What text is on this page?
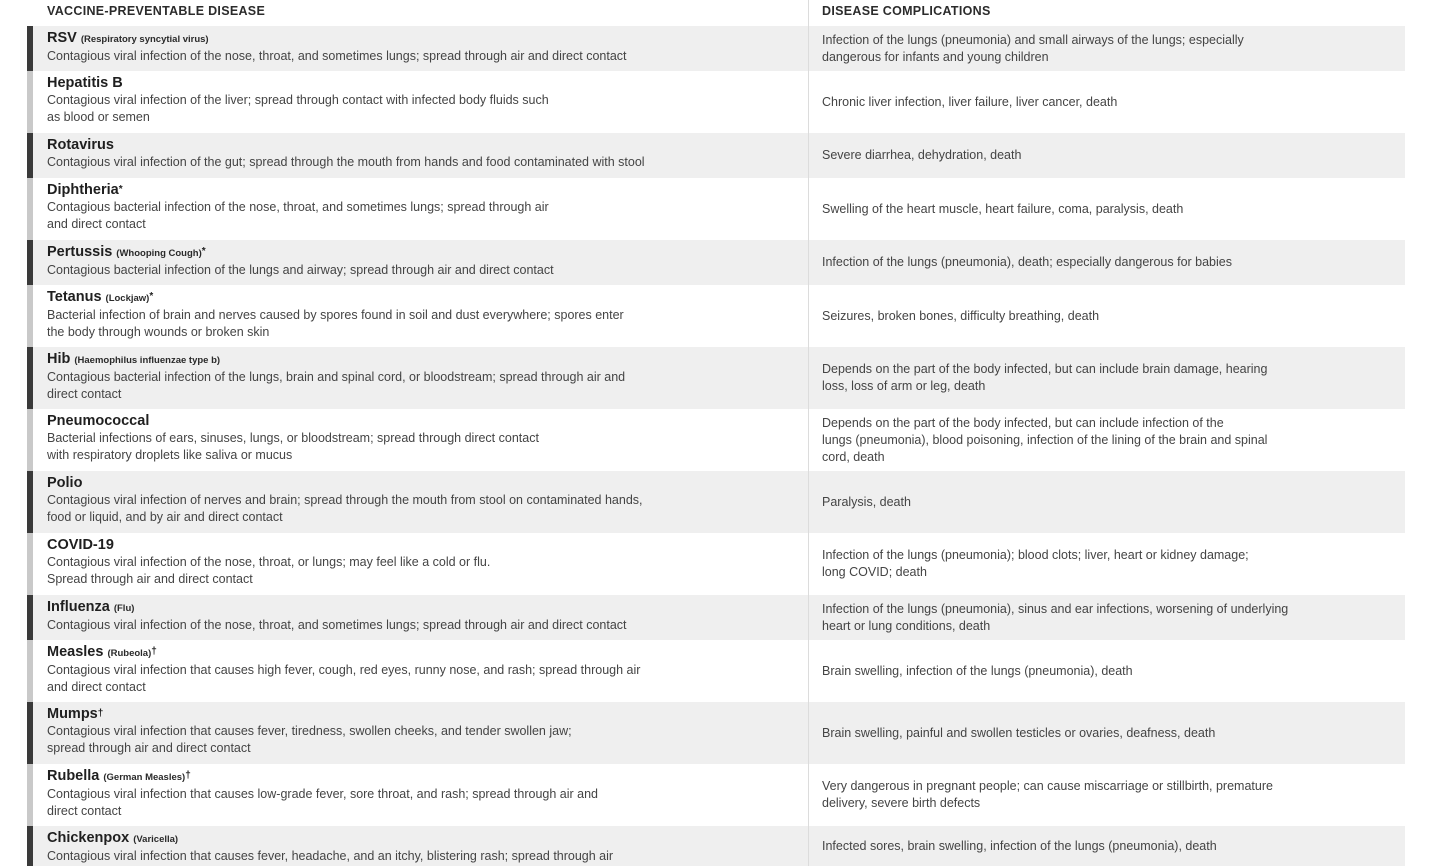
VACCINE-PREVENTABLE DISEASE	DISEASE COMPLICATIONS
RSV (Respiratory syncytial virus)
Contagious viral infection of the nose, throat, and sometimes lungs; spread through air and direct contact
Infection of the lungs (pneumonia) and small airways of the lungs; especially
dangerous for infants and young children
Hepatitis B
Contagious viral infection of the liver; spread through contact with infected body fluids such
as blood or semen
Chronic liver infection, liver failure, liver cancer, death
Rotavirus
Contagious viral infection of the gut; spread through the mouth from hands and food contaminated with stool	Severe diarrhea, dehydration, death
Diphtheria*
Contagious bacterial infection of the nose, throat, and sometimes lungs; spread through air
and direct contact
Swelling of the heart muscle, heart failure, coma, paralysis, death
Pertussis (Whooping Cough)*
Contagious bacterial infection of the lungs and airway; spread through air and direct contact
Infection of the lungs (pneumonia), death; especially dangerous for babies
Tetanus (Lockjaw)*
Bacterial infection of brain and nerves caused by spores found in soil and dust everywhere; spores enter
the body through wounds or broken skin
Seizures, broken bones, difficulty breathing, death
Hib (Haemophilus influenzae type b)
Contagious bacterial infection of the lungs, brain and spinal cord, or bloodstream; spread through air and
direct contact
Depends on the part of the body infected, but can include brain damage, hearing
loss, loss of arm or leg, death
Pneumococcal
Bacterial infections of ears, sinuses, lungs, or bloodstream; spread through direct contact
with respiratory droplets like saliva or mucus
Depends on the part of the body infected, but can include infection of the
lungs (pneumonia), blood poisoning, infection of the lining of the brain and spinal
cord, death
Polio
Contagious viral infection of nerves and brain; spread through the mouth from stool on contaminated hands,
food or liquid, and by air and direct contact
Paralysis, death
COVID-19
Contagious viral infection of the nose, throat, or lungs; may feel like a cold or flu.
Spread through air and direct contact
Infection of the lungs (pneumonia); blood clots; liver, heart or kidney damage;
long COVID; death
Influenza (Flu)
Contagious viral infection of the nose, throat, and sometimes lungs; spread through air and direct contact
Infection of the lungs (pneumonia), sinus and ear infections, worsening of underlying
heart or lung conditions, death
Measles (Rubeola)†
Contagious viral infection that causes high fever, cough, red eyes, runny nose, and rash; spread through air
and direct contact
Brain swelling, infection of the lungs (pneumonia), death
Mumps†
Contagious viral infection that causes fever, tiredness, swollen cheeks, and tender swollen jaw;
spread through air and direct contact
Brain swelling, painful and swollen testicles or ovaries, deafness, death
Rubella (German Measles)†
Contagious viral infection that causes low-grade fever, sore throat, and rash; spread through air and
direct contact
Very dangerous in pregnant people; can cause miscarriage or stillbirth, premature
delivery, severe birth defects
Chickenpox (Varicella)
Contagious viral infection that causes fever, headache, and an itchy, blistering rash; spread through air
Infected sores, brain swelling, infection of the lungs (pneumonia), death
